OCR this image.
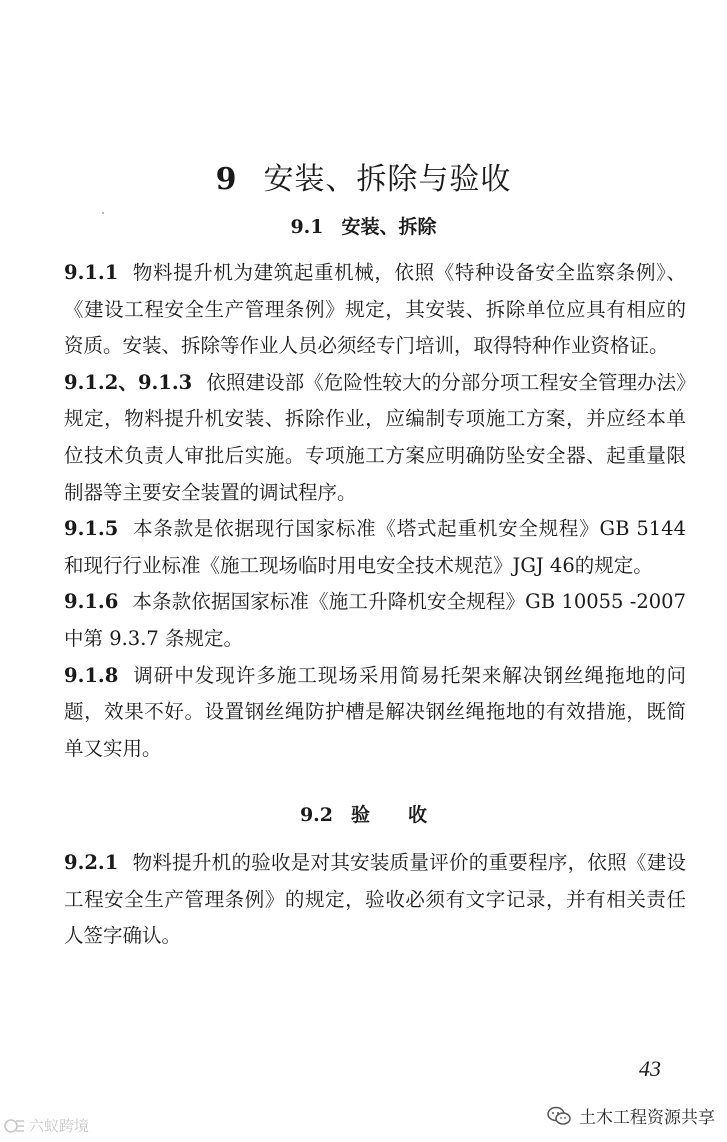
9 安装、拆除与验收
9.1 安装、拆除

9.1.1 物料提升机为建筑起重机械，依照《特种设备安全监察条例》、《建设工程安全生产管理条例》规定，其安装、拆除单位应具有相应的资质。安装、拆除等作业人员必须经专门培训，取得特种作业资格证。

9.1.2、9.1.3 依照建设部《危险性较大的分部分项工程安全管理办法》规定，物料提升机安装、拆除作业，应编制专项施工方案，并应经本单位技术负责人审批后实施。专项施工方案应明确防坠安全器、起重量限制器等主要安全装置的调试程序。

9.1.5 本条款是依据现行国家标准《塔式起重机安全规程》GB 5144和现行行业标准《施工现场临时用电安全技术规范》JGJ 46的规定。

9.1.6 本条款依据国家标准《施工升降机安全规程》GB 10055 -2007 中第 9.3.7 条规定。

9.1.8 调研中发现许多施工现场采用简易托架来解决钢丝绳拖地的问题，效果不好。设置钢丝绳防护槽是解决钢丝绳拖地的有效措施，既简单又实用。

9.2 验　　收

9.2.1 物料提升机的验收是对其安装质量评价的重要程序，依照《建设工程安全生产管理条例》的规定，验收必须有文字记录，并有相关责任人签字确认。

43
六蚁跨境	土木工程资源共享
